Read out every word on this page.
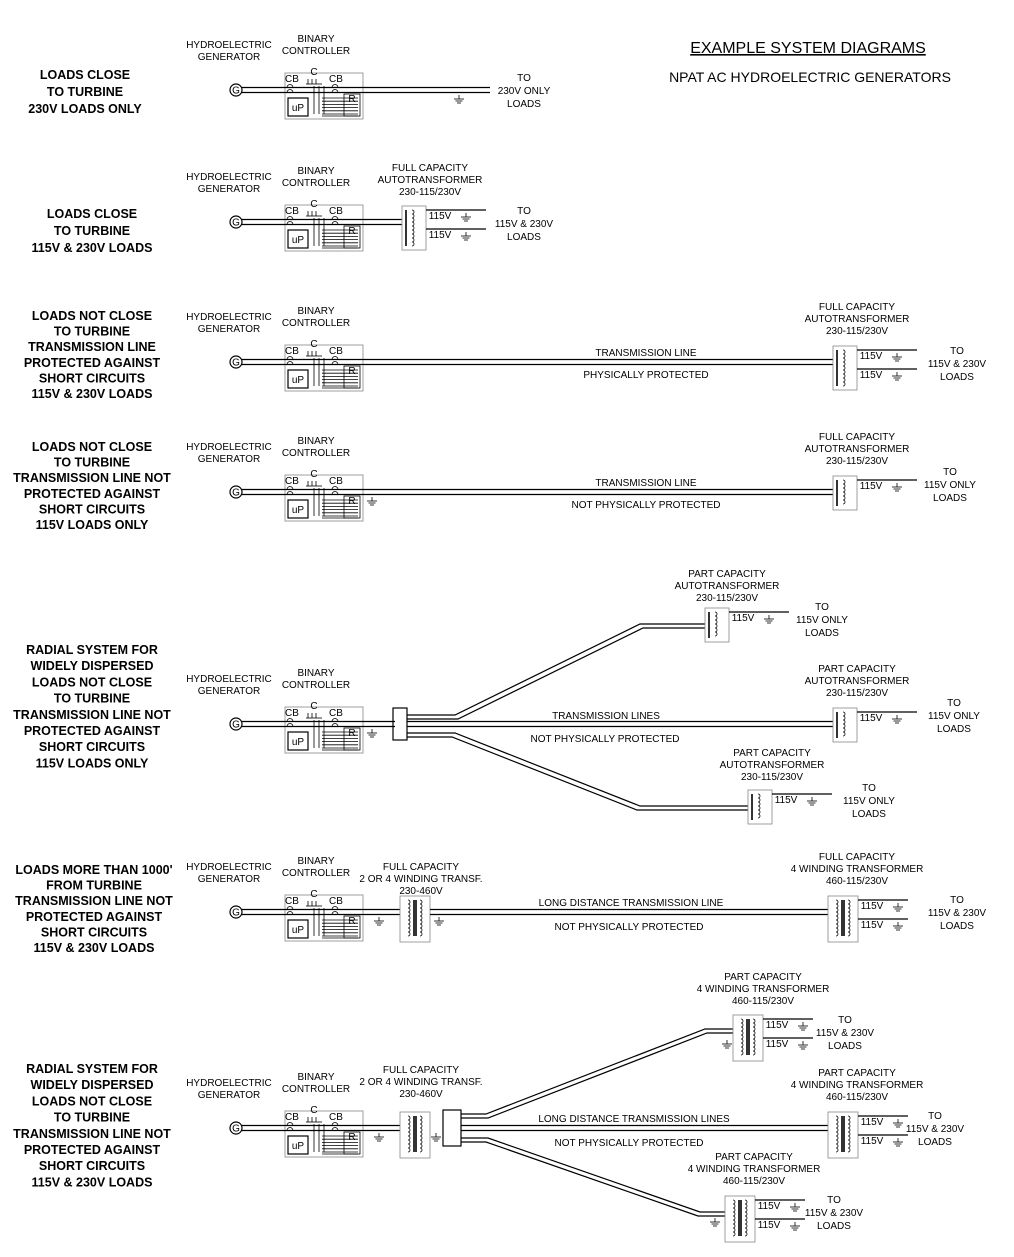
EXAMPLE SYSTEM DIAGRAMS
NPAT AC HYDROELECTRIC GENERATORS
LOADS CLOSE
TO TURBINE
230V LOADS ONLY
HYDROELECTRIC
GENERATOR
BINARY
CONTROLLER
G
CB
C
CB
uP
R
TO
230V ONLY
LOADS
LOADS CLOSE
TO TURBINE
115V & 230V LOADS
HYDROELECTRIC
GENERATOR
BINARY
CONTROLLER
G
CB
C
CB
uP
R
FULL CAPACITY
AUTOTRANSFORMER
230-115/230V
115V
115V
TO
115V & 230V
LOADS
LOADS NOT CLOSE
TO TURBINE
TRANSMISSION LINE
PROTECTED AGAINST
SHORT CIRCUITS
115V & 230V LOADS
HYDROELECTRIC
GENERATOR
BINARY
CONTROLLER
G
CB
C
CB
uP
R
TRANSMISSION LINE
PHYSICALLY PROTECTED
FULL CAPACITY
AUTOTRANSFORMER
230-115/230V
115V
115V
TO
115V & 230V
LOADS
LOADS NOT CLOSE
TO TURBINE
TRANSMISSION LINE NOT
PROTECTED AGAINST
SHORT CIRCUITS
115V LOADS ONLY
HYDROELECTRIC
GENERATOR
BINARY
CONTROLLER
G
CB
C
CB
uP
R
TRANSMISSION LINE
NOT PHYSICALLY PROTECTED
FULL CAPACITY
AUTOTRANSFORMER
230-115/230V
115V
TO
115V ONLY
LOADS
RADIAL SYSTEM FOR
WIDELY DISPERSED
LOADS NOT CLOSE
TO TURBINE
TRANSMISSION LINE NOT
PROTECTED AGAINST
SHORT CIRCUITS
115V LOADS ONLY
HYDROELECTRIC
GENERATOR
BINARY
CONTROLLER
G
CB
C
CB
uP
R
TRANSMISSION LINES
NOT PHYSICALLY PROTECTED
PART CAPACITY
AUTOTRANSFORMER
230-115/230V
115V
TO
115V ONLY
LOADS
PART CAPACITY
AUTOTRANSFORMER
230-115/230V
115V
TO
115V ONLY
LOADS
PART CAPACITY
AUTOTRANSFORMER
230-115/230V
115V
TO
115V ONLY
LOADS
LOADS MORE THAN 1000'
FROM TURBINE
TRANSMISSION LINE NOT
PROTECTED AGAINST
SHORT CIRCUITS
115V & 230V LOADS
HYDROELECTRIC
GENERATOR
BINARY
CONTROLLER
G
CB
C
CB
uP
R
FULL CAPACITY
2 OR 4 WINDING TRANSF.
230-460V
LONG DISTANCE TRANSMISSION LINE
NOT PHYSICALLY PROTECTED
FULL CAPACITY
4 WINDING TRANSFORMER
460-115/230V
115V
115V
TO
115V & 230V
LOADS
RADIAL SYSTEM FOR
WIDELY DISPERSED
LOADS NOT CLOSE
TO TURBINE
TRANSMISSION LINE NOT
PROTECTED AGAINST
SHORT CIRCUITS
115V & 230V LOADS
HYDROELECTRIC
GENERATOR
BINARY
CONTROLLER
G
CB
C
CB
uP
R
FULL CAPACITY
2 OR 4 WINDING TRANSF.
230-460V
LONG DISTANCE TRANSMISSION LINES
NOT PHYSICALLY PROTECTED
PART CAPACITY
4 WINDING TRANSFORMER
460-115/230V
115V
115V
TO
115V & 230V
LOADS
PART CAPACITY
4 WINDING TRANSFORMER
460-115/230V
115V
115V
TO
115V & 230V
LOADS
PART CAPACITY
4 WINDING TRANSFORMER
460-115/230V
115V
115V
TO
115V & 230V
LOADS
